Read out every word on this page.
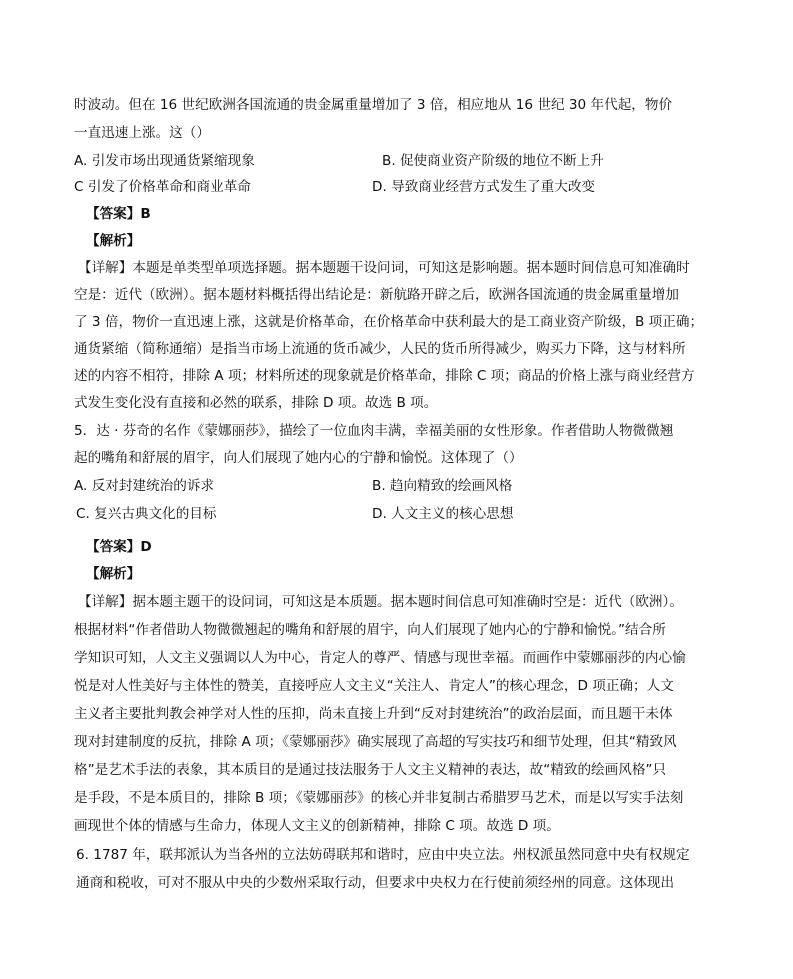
时波动。但在 16 世纪欧洲各国流通的贵金属重量增加了 3 倍，相应地从 16 世纪 30 年代起，物价
一直迅速上涨。这（）
A. 引发市场出现通货紧缩现象	B. 促使商业资产阶级的地位不断上升
C 引发了价格革命和商业革命	D. 导致商业经营方式发生了重大改变
【答案】B
【解析】
【详解】本题是单类型单项选择题。据本题题干设问词，可知这是影响题。据本题时间信息可知准确时
空是：近代（欧洲）。据本题材料概括得出结论是：新航路开辟之后，欧洲各国流通的贵金属重量增加
了 3 倍，物价一直迅速上涨，这就是价格革命，在价格革命中获利最大的是工商业资产阶级，B 项正确；
通货紧缩（简称通缩）是指当市场上流通的货币减少，人民的货币所得减少，购买力下降，这与材料所
述的内容不相符，排除 A 项；材料所述的现象就是价格革命，排除 C 项；商品的价格上涨与商业经营方
式发生变化没有直接和必然的联系，排除 D 项。故选 B 项。
5．达 · 芬奇的名作《蒙娜丽莎》，描绘了一位血肉丰满，幸福美丽的女性形象。作者借助人物微微翘
起的嘴角和舒展的眉宇，向人们展现了她内心的宁静和愉悦。这体现了（）
A. 反对封建统治的诉求	B. 趋向精致的绘画风格
C. 复兴古典文化的目标	D. 人文主义的核心思想
【答案】D
【解析】
【详解】据本题主题干的设问词，可知这是本质题。据本题时间信息可知准确时空是：近代（欧洲）。
根据材料“作者借助人物微微翘起的嘴角和舒展的眉宇，向人们展现了她内心的宁静和愉悦。”结合所
学知识可知，人文主义强调以人为中心，肯定人的尊严、情感与现世幸福。而画作中蒙娜丽莎的内心愉
悦是对人性美好与主体性的赞美，直接呼应人文主义“关注人、肯定人”的核心理念，D 项正确；人文
主义者主要批判教会神学对人性的压抑，尚未直接上升到“反对封建统治”的政治层面，而且题干未体
现对封建制度的反抗，排除 A 项；《蒙娜丽莎》确实展现了高超的写实技巧和细节处理，但其“精致风
格”是艺术手法的表象，其本质目的是通过技法服务于人文主义精神的表达，故“精致的绘画风格”只
是手段，不是本质目的，排除 B 项；《蒙娜丽莎》的核心并非复制古希腊罗马艺术，而是以写实手法刻
画现世个体的情感与生命力，体现人文主义的创新精神，排除 C 项。故选 D 项。
6. 1787 年，联邦派认为当各州的立法妨碍联邦和谐时，应由中央立法。州权派虽然同意中央有权规定
通商和税收，可对不服从中央的少数州采取行动，但要求中央权力在行使前须经州的同意。这体现出
